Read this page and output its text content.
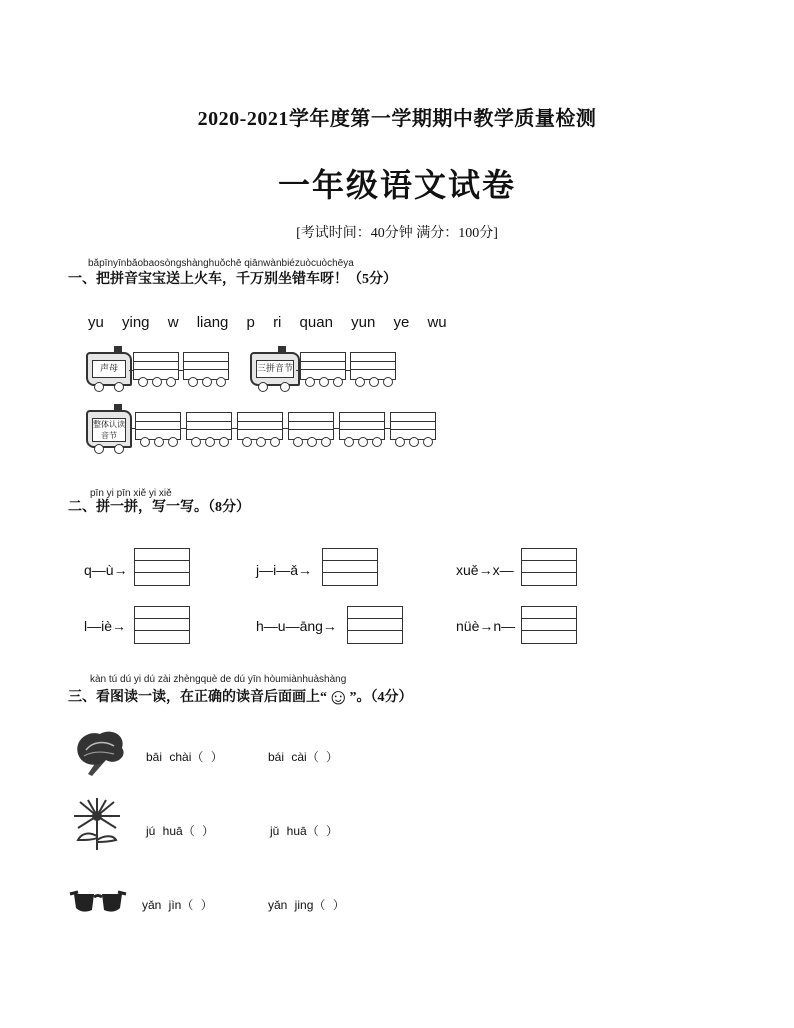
2020-2021学年度第一学期期中教学质量检测
一年级语文试卷
[考试时间：40分钟 满分：100分]
bǎpīnyīnbǎobaosòngshànghuǒchē qiānwànbiézuòcuòchēya
一、把拼音宝宝送上火车，千万别坐错车呀！（5分）
yu ying w liang p ri quan yun ye wu
声母	三拼音节
整体认读音节
pīn yi pīn xiě yi xiě
二、拼一拼，写一写。（8分）
q—ù→	j—i—ǎ→	xuě→x—
l—iè→	h—u—āng→	nüè→n—
kàn tú dú yi dú zài zhèngquè de dú yīn hòumiànhuàshàng
三、看图读一读，在正确的读音后面画上“☺”。（4分）
bāi chài（ ）	bái cài（ ）
jú huā（ ）	jǔ huā（ ）
yǎn jìn（ ）	yǎn jing（ ）
